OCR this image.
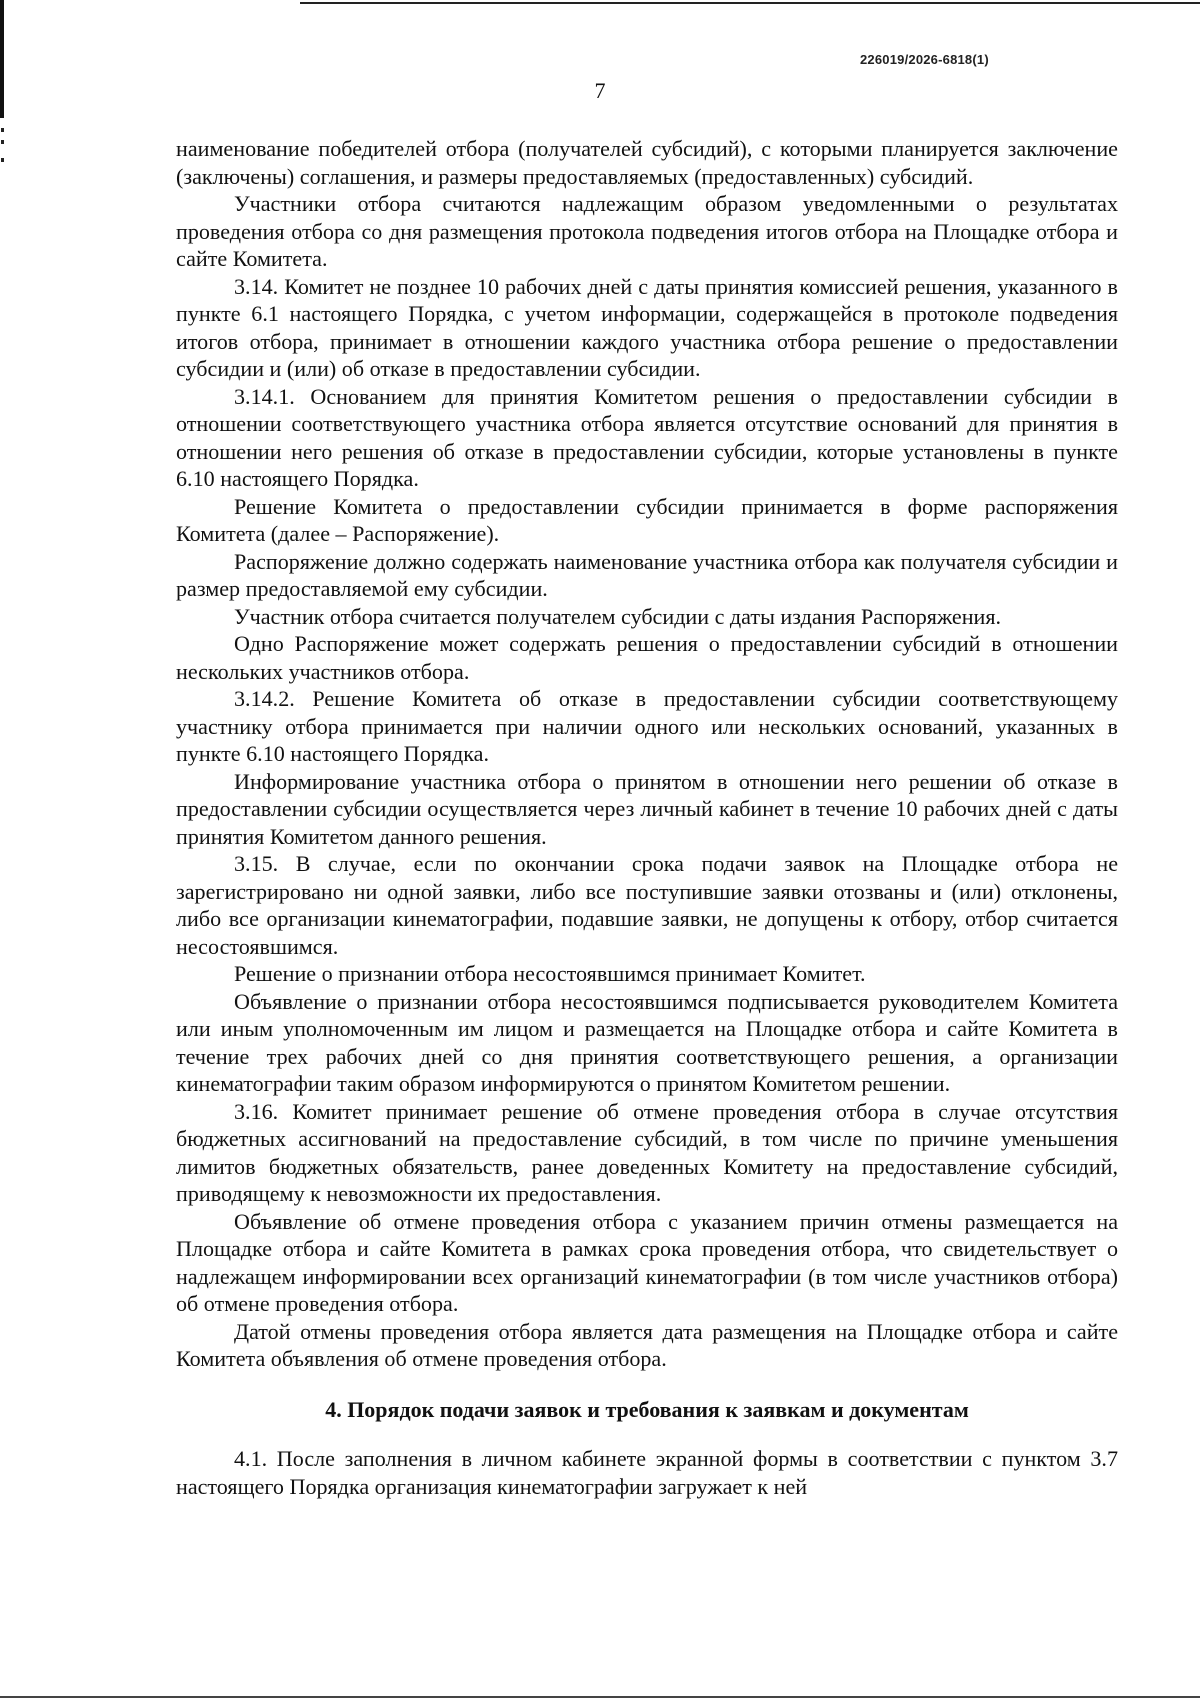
226019/2026-6818(1)
7

наименование победителей отбора (получателей субсидий), с которыми планируется заключение (заключены) соглашения, и размеры предоставляемых (предоставленных) субсидий.

Участники отбора считаются надлежащим образом уведомленными о результатах проведения отбора со дня размещения протокола подведения итогов отбора на Площадке отбора и сайте Комитета.

3.14. Комитет не позднее 10 рабочих дней с даты принятия комиссией решения, указанного в пункте 6.1 настоящего Порядка, с учетом информации, содержащейся в протоколе подведения итогов отбора, принимает в отношении каждого участника отбора решение о предоставлении субсидии и (или) об отказе в предоставлении субсидии.

3.14.1. Основанием для принятия Комитетом решения о предоставлении субсидии в отношении соответствующего участника отбора является отсутствие оснований для принятия в отношении него решения об отказе в предоставлении субсидии, которые установлены в пункте 6.10 настоящего Порядка.

Решение Комитета о предоставлении субсидии принимается в форме распоряжения Комитета (далее – Распоряжение).

Распоряжение должно содержать наименование участника отбора как получателя субсидии и размер предоставляемой ему субсидии.

Участник отбора считается получателем субсидии с даты издания Распоряжения.

Одно Распоряжение может содержать решения о предоставлении субсидий в отношении нескольких участников отбора.

3.14.2. Решение Комитета об отказе в предоставлении субсидии соответствующему участнику отбора принимается при наличии одного или нескольких оснований, указанных в пункте 6.10 настоящего Порядка.

Информирование участника отбора о принятом в отношении него решении об отказе в предоставлении субсидии осуществляется через личный кабинет в течение 10 рабочих дней с даты принятия Комитетом данного решения.

3.15. В случае, если по окончании срока подачи заявок на Площадке отбора не зарегистрировано ни одной заявки, либо все поступившие заявки отозваны и (или) отклонены, либо все организации кинематографии, подавшие заявки, не допущены к отбору, отбор считается несостоявшимся.

Решение о признании отбора несостоявшимся принимает Комитет.

Объявление о признании отбора несостоявшимся подписывается руководителем Комитета или иным уполномоченным им лицом и размещается на Площадке отбора и сайте Комитета в течение трех рабочих дней со дня принятия соответствующего решения, а организации кинематографии таким образом информируются о принятом Комитетом решении.

3.16. Комитет принимает решение об отмене проведения отбора в случае отсутствия бюджетных ассигнований на предоставление субсидий, в том числе по причине уменьшения лимитов бюджетных обязательств, ранее доведенных Комитету на предоставление субсидий, приводящему к невозможности их предоставления.

Объявление об отмене проведения отбора с указанием причин отмены размещается на Площадке отбора и сайте Комитета в рамках срока проведения отбора, что свидетельствует о надлежащем информировании всех организаций кинематографии (в том числе участников отбора) об отмене проведения отбора.

Датой отмены проведения отбора является дата размещения на Площадке отбора и сайте Комитета объявления об отмене проведения отбора.

4. Порядок подачи заявок и требования к заявкам и документам

4.1. После заполнения в личном кабинете экранной формы в соответствии с пунктом 3.7 настоящего Порядка организация кинематографии загружает к ней
